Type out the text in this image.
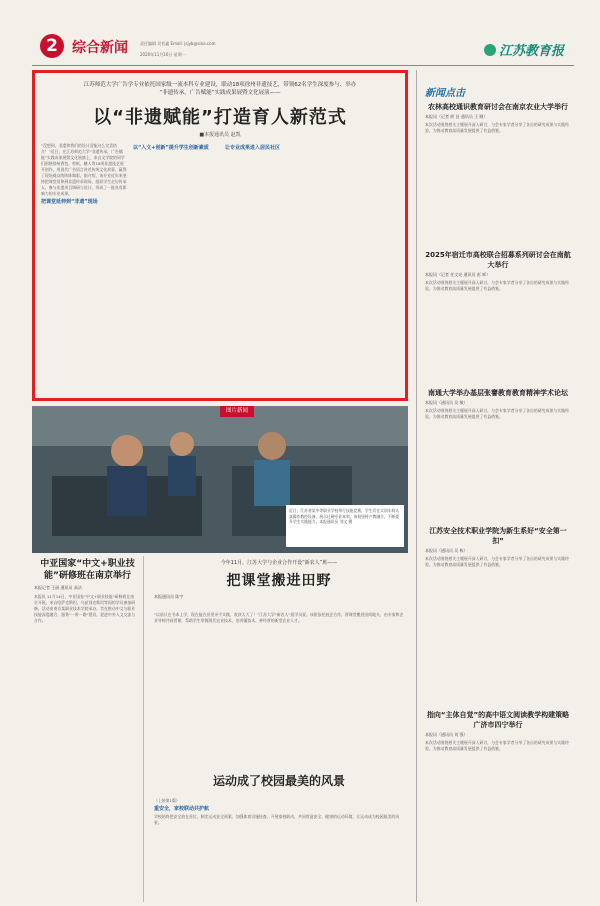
2	综合新闻	责任编辑 吴若鑫 Email: jsjyb@sina.com
2020年11月16日 星期一	江苏教育报
江苏师范大学广告学专业依托国家级一流本科专业建设，联动18项徐州非遗技艺，带领62名学生深度参与、举办
“非遗传承，广告赋能”实践成果展暨文化展演——
以“非遗赋能”打造育人新范式
■本报通讯员 赵凯
“没想到，非遗和我们的设计竟能这么完美结合！”近日，在江苏师范大学“非遗传承，广告赋能”实践成果展暨文化展演上，来自文学院的同学们围绕徐州香包、剪纸、糖人等18项非遗技艺展开创作，用现代广告语言讲述传统文化故事，赢得了现场观众的阵阵喝彩。据介绍，该专业近年来坚持把课堂延伸到非遗传承现场，组织学生走访传承人、参与非遗项目调研与设计，形成了一批具有影响力的专业成果。
把课堂延伸到“非遗”现场
以“入文+创新”提升学生创新素质	让专业成果进入居民社区
图片新闻
近日，江苏省某中等职业学校举行技能竞赛，学生们在实训车间认真操作数控设备，展示过硬专业本领。该校坚持产教融合，不断提升学生实践能力。本报通讯员 刘文 摄
中亚国家“中文+职业技能”研修班在南京举行
本报记者 王丽 通讯员 高洁
本报讯 11月14日，中亚国家“中文+职业技能”研修班在南京开班。来自哈萨克斯坦、乌兹别克斯坦等国的学员参加研修。活动由南京某职业技术学院承办，旨在推动中文与职业技能深度融合，服务“一带一路”建设，促进中外人文交流与合作。
今年11月，江苏大学与企业合作开设“新农人”班——
把课堂搬进田野
本报通讯员 陈宇
“以前只在书本上学，现在能在田里亲手实践，收获太大了！”江苏大学“新农人”班学员说。该班依托校企合作，将课堂搬进田间地头，由专家和企业导师共同授课，帮助学生掌握现代农业技术，培养懂技术、善经营的新型农业人才。
运动成了校园最美的风景
（上接第1版）
重安全，家校联动共护航
学校始终把安全放在首位，制定运动安全预案，加强体育设施检查，开展家校联动，共同营造安全、健康的运动环境，让运动成为校园最美的风景。
新闻点击
农林高校通识教育研讨会在南京农业大学举行
本报讯（记者 阿 昌 通讯员 王 顺）
本次活动围绕相关主题展开深入研讨，与会专家学者分享了各自的研究成果与实践经验，为推动教育高质量发展提供了有益借鉴。
2025年宿迁市高校联合招募系列研讨会在南航大举行
本报讯（记者 任文亮 通讯员 彭 辉）
本次活动围绕相关主题展开深入研讨，与会专家学者分享了各自的研究成果与实践经验，为推动教育高质量发展提供了有益借鉴。
南通大学举办基层张謇教育教育精神学术论坛
本报讯（通讯员 吴 敏）
本次活动围绕相关主题展开深入研讨，与会专家学者分享了各自的研究成果与实践经验，为推动教育高质量发展提供了有益借鉴。
江苏安全技术职业学院为新生系好“安全第一扣”
本报讯（通讯员 吴 栋）
本次活动围绕相关主题展开深入研讨，与会专家学者分享了各自的研究成果与实践经验，为推动教育高质量发展提供了有益借鉴。
指向“主体自觉”的高中语文阅读教学构建策略广济市四宁举行
本报讯（通讯员 刘 强）
本次活动围绕相关主题展开深入研讨，与会专家学者分享了各自的研究成果与实践经验，为推动教育高质量发展提供了有益借鉴。
